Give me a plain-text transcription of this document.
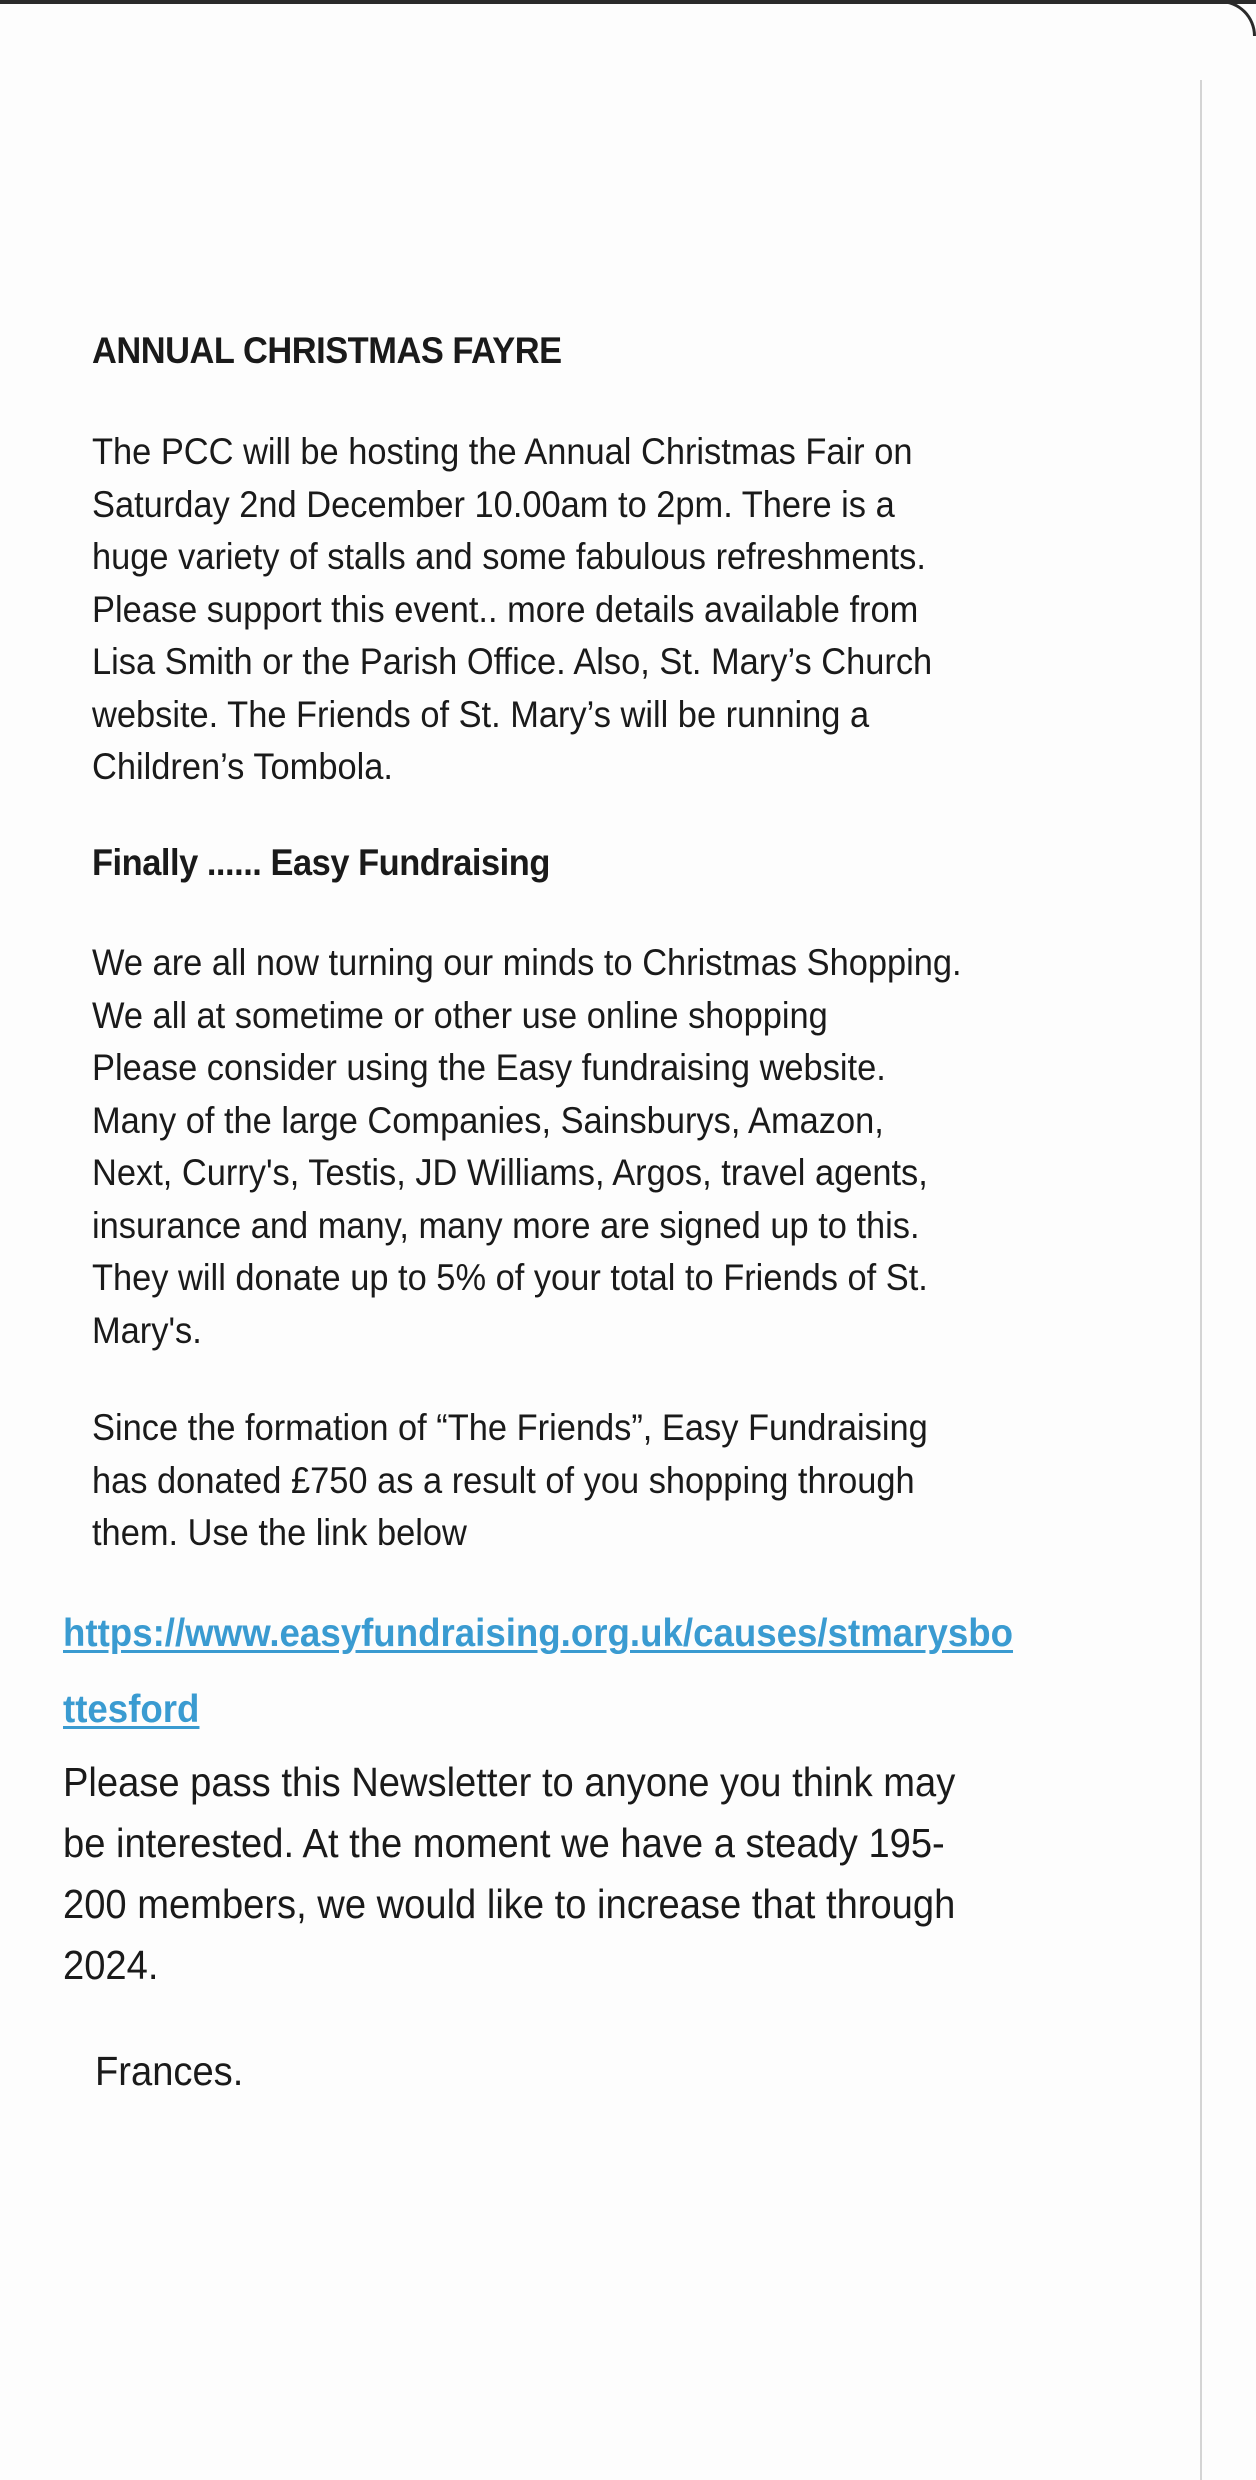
ANNUAL CHRISTMAS FAYRE
The PCC will be hosting the Annual Christmas Fair on
Saturday 2nd December 10.00am to 2pm. There is a
huge variety of stalls and some fabulous refreshments.
Please support this event.. more details available from
Lisa Smith or the Parish Office. Also, St. Mary’s Church
website. The Friends of St. Mary’s will be running a
Children’s Tombola.
Finally ...... Easy Fundraising
We are all now turning our minds to Christmas Shopping.
We all at sometime or other use online shopping
Please consider using the Easy fundraising website.
Many of the large Companies, Sainsburys, Amazon,
Next, Curry's, Testis, JD Williams, Argos, travel agents,
insurance and many, many more are signed up to this.
They will donate up to 5% of your total to Friends of St.
Mary's.
Since the formation of “The Friends”, Easy Fundraising
has donated £750 as a result of you shopping through
them. Use the link below
https://www.easyfundraising.org.uk/causes/stmarysbo
ttesford
Please pass this Newsletter to anyone you think may
be interested. At the moment we have a steady 195-
200 members, we would like to increase that through
2024.
Frances.
